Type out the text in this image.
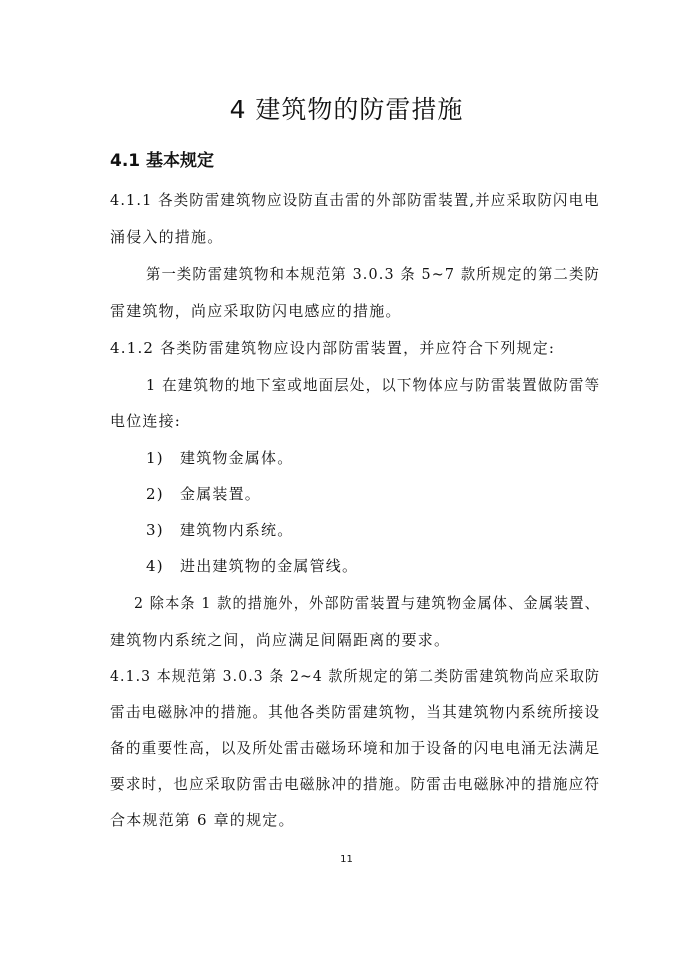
4 建筑物的防雷措施
4.1 基本规定
4.1.1 各类防雷建筑物应设防直击雷的外部防雷装置,并应采取防闪电电
涌侵入的措施。
第一类防雷建筑物和本规范第 3.0.3 条 5~7 款所规定的第二类防
雷建筑物，尚应采取防闪电感应的措施。
4.1.2 各类防雷建筑物应设内部防雷装置，并应符合下列规定:
1 在建筑物的地下室或地面层处，以下物体应与防雷装置做防雷等
电位连接:
1)　建筑物金属体。
2)　金属装置。
3)　建筑物内系统。
4)　进出建筑物的金属管线。
2 除本条 1 款的措施外，外部防雷装置与建筑物金属体、金属装置、
建筑物内系统之间，尚应满足间隔距离的要求。
4.1.3 本规范第 3.0.3 条 2~4 款所规定的第二类防雷建筑物尚应采取防
雷击电磁脉冲的措施。其他各类防雷建筑物，当其建筑物内系统所接设
备的重要性高，以及所处雷击磁场环境和加于设备的闪电电涌无法满足
要求时，也应采取防雷击电磁脉冲的措施。防雷击电磁脉冲的措施应符
合本规范第 6 章的规定。
11
